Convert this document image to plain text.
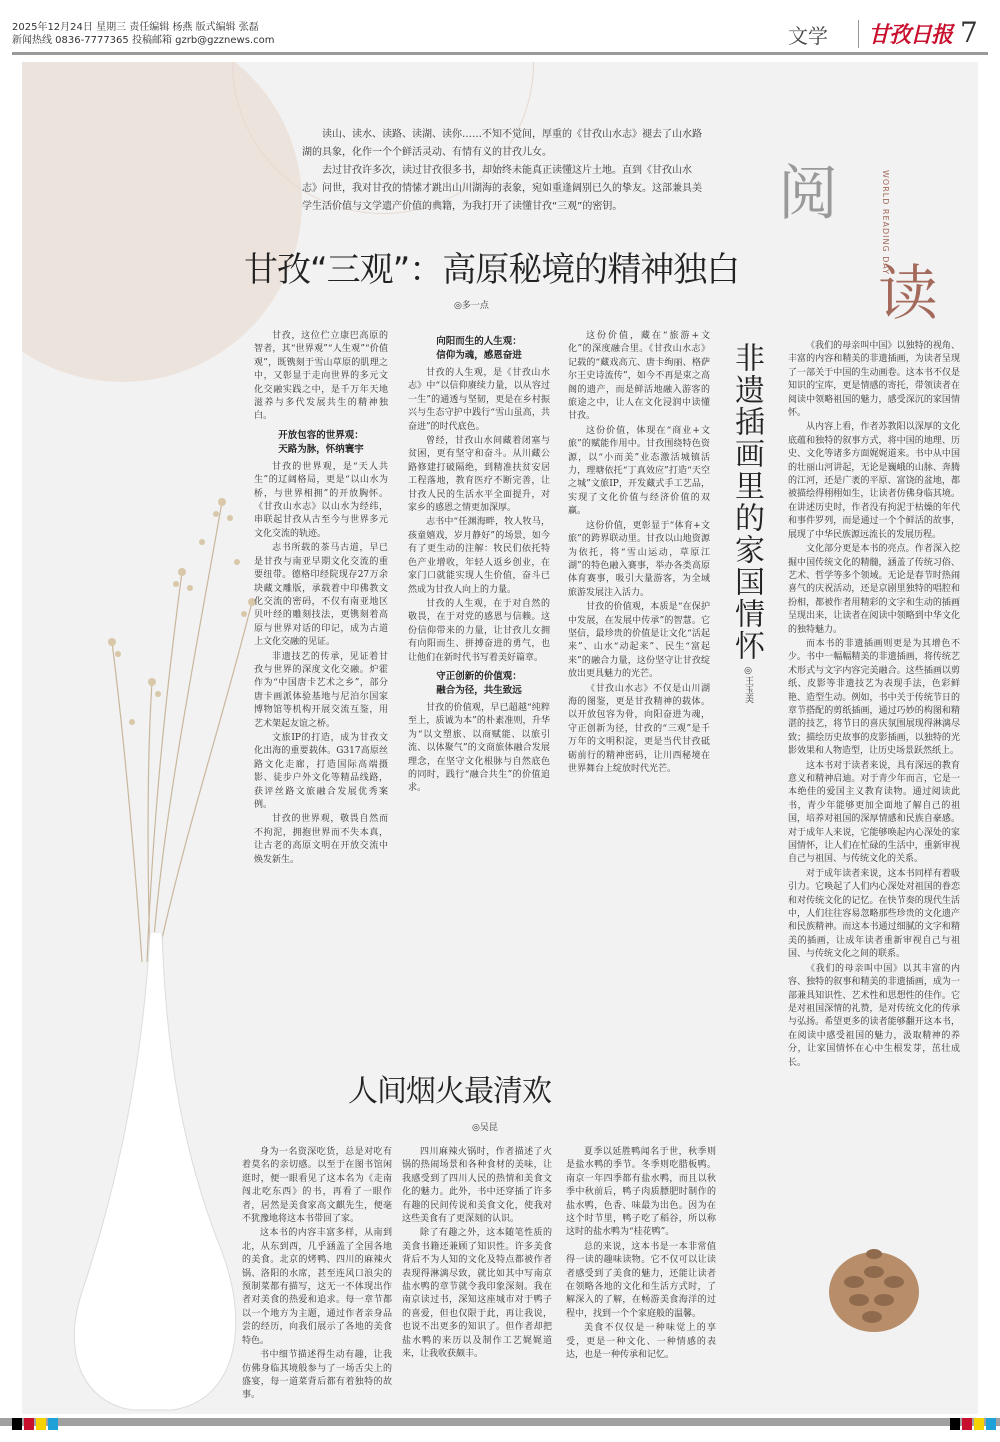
2025年12月24日 星期三 责任编辑 杨燕 版式编辑 张磊
新闻热线 0836-7777365 投稿邮箱 gzrb@gzznews.com	文学 甘孜日报 7

读山、读水、读路、读湖、读你……不知不觉间，厚重的《甘孜山水志》褪去了山水路湖的具象，化作一个个鲜活灵动、有情有义的甘孜儿女。

去过甘孜许多次，读过甘孜很多书，却始终未能真正读懂这片土地。直到《甘孜山水志》问世，我对甘孜的情愫才跳出山川湖海的表象，宛如重逢阔别已久的挚友。这部兼具美学生活价值与文学遗产价值的典籍，为我打开了读懂甘孜“三观”的密钥。	阅	WORLD READING DAY
读
甘孜“三观”：高原秘境的精神独白
◎多一点

甘孜，这位伫立康巴高原的智者，其“世界观”“人生观”“价值观”，既镌刻于雪山草原的肌理之中，又彰显于走向世界的多元文化交融实践之中，是千万年天地滋养与多代发展共生的精神独白。

开放包容的世界观：
天路为脉，怀纳寰宇

甘孜的世界观，是“天人共生”的辽阔格局，更是“以山水为桥，与世界相拥”的开放胸怀。《甘孜山水志》以山水为经纬，串联起甘孜从古至今与世界多元文化交流的轨迹。

志书所载的茶马古道，早已是甘孜与南亚早期文化交流的重要纽带。德格印经院现存27万余块藏文雕版，承载着中印佛教文化交流的密码，不仅有南亚地区贝叶经的雕刻技法，更镌刻着高原与世界对话的印记，成为古道上文化交融的见证。

非遗技艺的传承，见证着甘孜与世界的深度文化交融。炉霍作为“中国唐卡艺术之乡”，部分唐卡画派体验基地与尼泊尔国家博物馆等机构开展交流互鉴，用艺术架起友谊之桥。

文旅IP的打造，成为甘孜文化出海的重要载体。G317高原丝路文化走廊，打造国际高端摄影、徒步户外文化等精品线路，获评丝路文旅融合发展优秀案例。

甘孜的世界观，敬畏自然而不拘泥，拥抱世界而不失本真，让古老的高原文明在开放交流中焕发新生。

向阳而生的人生观：
信仰为魂，感恩奋进

甘孜的人生观，是《甘孜山水志》中“以信仰赓续力量，以从容过一生”的通透与坚韧，更是在乡村振兴与生态守护中践行“雪山虽高，共奋进”的时代底色。

曾经，甘孜山水间藏着闭塞与贫困，更有坚守和奋斗。从川藏公路修建打破隔绝，到精准扶贫安居工程落地，教育医疗不断完善，让甘孜人民的生活水平全面提升，对家乡的感恩之情更加深厚。

志书中“任渊海畔，牧人牧马，孩童嬉戏，岁月静好”的场景，如今有了更生动的注解：牧民们依托特色产业增收，年轻人返乡创业，在家门口就能实现人生价值，奋斗已然成为甘孜人向上的力量。

甘孜的人生观，在于对自然的敬畏，在于对党的感恩与信赖。这份信仰带来的力量，让甘孜儿女拥有向阳而生、拼搏奋进的勇气，也让他们在新时代书写着美好篇章。

守正创新的价值观：
融合为径，共生致远

甘孜的价值观，早已超越“纯粹至上，质诚为本”的朴素准则，升华为“以文塑旅、以商赋能、以旅引流、以体聚气”的文商旅体融合发展理念，在坚守文化根脉与自然底色的同时，践行“融合共生”的价值追求。

这份价值，藏在“旅游+文化”的深度融合里。《甘孜山水志》记载的“藏戏高亢、唐卡绚丽、格萨尔王史诗流传”，如今不再是束之高阁的遗产，而是鲜活地融入游客的旅途之中，让人在文化浸润中读懂甘孜。

这份价值，体现在“商业+文旅”的赋能作用中。甘孜围绕特色资源，以“小而美”业态激活城镇活力，理塘依托“丁真效应”打造“天空之城”文旅IP，开发藏式手工艺品，实现了文化价值与经济价值的双赢。

这份价值，更彰显于“体育+文旅”的跨界联动里。甘孜以山地资源为依托，将“雪山运动，草原江湖”的特色融入赛事，举办各类高原体育赛事，吸引大量游客，为全域旅游发展注入活力。

甘孜的价值观，本质是“在保护中发展，在发展中传承”的智慧。它坚信，最珍贵的价值是让文化“活起来”、山水“动起来”、民生“富起来”的融合力量，这份坚守让甘孜绽放出更具魅力的光芒。

《甘孜山水志》不仅是山川湖海的图鉴，更是甘孜精神的载体。以开放包容为骨，向阳奋进为魂，守正创新为径，甘孜的“三观”是千万年的文明积淀，更是当代甘孜砥砺前行的精神密码，让川西秘境在世界舞台上绽放时代光芒。

非遗插画里的家国情怀
◎王玉美

《我们的母亲叫中国》以独特的视角、丰富的内容和精美的非遗插画，为读者呈现了一部关于中国的生动画卷。这本书不仅是知识的宝库，更是情感的寄托，带领读者在阅读中领略祖国的魅力，感受深沉的家国情怀。

从内容上看，作者苏教阳以深厚的文化底蕴和独特的叙事方式，将中国的地理、历史、文化等诸多方面娓娓道来。书中从中国的壮丽山河讲起，无论是巍峨的山脉、奔腾的江河，还是广袤的平原、富饶的盆地，都被描绘得栩栩如生，让读者仿佛身临其境。在讲述历史时，作者没有拘泥于枯燥的年代和事件罗列，而是通过一个个鲜活的故事，展现了中华民族源远流长的发展历程。

文化部分更是本书的亮点。作者深入挖掘中国传统文化的精髓，涵盖了传统习俗、艺术、哲学等多个领域。无论是春节时热闹喜气的庆祝活动，还是京剧里独特的唱腔和扮相，都被作者用精彩的文字和生动的插画呈现出来，让读者在阅读中领略到中华文化的独特魅力。

而本书的非遗插画则更是为其增色不少。书中一幅幅精美的非遗插画，将传统艺术形式与文字内容完美融合。这些插画以剪纸、皮影等非遗技艺为表现手法，色彩鲜艳、造型生动。例如，书中关于传统节日的章节搭配的剪纸插画，通过巧妙的构图和精湛的技艺，将节日的喜庆氛围展现得淋漓尽致；描绘历史故事的皮影插画，以独特的光影效果和人物造型，让历史场景跃然纸上。

这本书对于读者来说，具有深远的教育意义和精神启迪。对于青少年而言，它是一本绝佳的爱国主义教育读物。通过阅读此书，青少年能够更加全面地了解自己的祖国，培养对祖国的深厚情感和民族自豪感。对于成年人来说，它能够唤起内心深处的家国情怀，让人们在忙碌的生活中，重新审视自己与祖国、与传统文化的关系。

对于成年读者来说，这本书同样有着吸引力。它唤起了人们内心深处对祖国的眷恋和对传统文化的记忆。在快节奏的现代生活中，人们往往容易忽略那些珍贵的文化遗产和民族精神。而这本书通过细腻的文字和精美的插画，让成年读者重新审视自己与祖国、与传统文化之间的联系。

《我们的母亲叫中国》以其丰富的内容、独特的叙事和精美的非遗插画，成为一部兼具知识性、艺术性和思想性的佳作。它是对祖国深情的礼赞，是对传统文化的传承与弘扬。希望更多的读者能够翻开这本书，在阅读中感受祖国的魅力，汲取精神的养分，让家国情怀在心中生根发芽，茁壮成长。

人间烟火最清欢
◎吴昆

身为一名资深吃货，总是对吃有着莫名的亲切感。以至于在图书馆闲逛时，便一眼看见了这本名为《走南闯北吃东西》的书，再看了一眼作者，居然是美食家高文麒先生，便毫不犹豫地将这本书带回了家。

这本书的内容丰富多样，从南到北，从东到西，几乎涵盖了全国各地的美食。北京的烤鸭、四川的麻辣火锅、洛阳的水席，甚至连风口浪尖的预制菜都有描写，这无一不体现出作者对美食的热爱和追求。每一章节都以一个地方为主题，通过作者亲身品尝的经历，向我们展示了各地的美食特色。

书中细节描述得生动有趣，让我仿佛身临其境般参与了一场舌尖上的盛宴，每一道菜背后都有着独特的故事。

四川麻辣火锅时，作者描述了火锅的热闹场景和各种食材的美味，让我感受到了四川人民的热情和美食文化的魅力。此外，书中还穿插了许多有趣的民间传说和美食文化，使我对这些美食有了更深刻的认识。

除了有趣之外，这本随笔性质的美食书籍还兼顾了知识性。许多美食背后不为人知的文化及特点都被作者表现得淋漓尽致，就比如其中写南京盐水鸭的章节就令我印象深刻。我在南京读过书，深知这座城市对于鸭子的喜爱，但也仅限于此，再让我说，也说不出更多的知识了。但作者却把盐水鸭的来历以及制作工艺娓娓道来，让我收获颇丰。

夏季以延胜鸭闻名于世，秋季则是盐水鸭的季节。冬季则吃腊板鸭。南京一年四季都有盐水鸭，而且以秋季中秋前后，鸭子肉质膘肥时制作的盐水鸭，色香、味最为出色。因为在这个时节里，鸭子吃了稻谷，所以称这时的盐水鸭为“桂花鸭”。

总的来说，这本书是一本非常值得一读的趣味读物。它不仅可以让读者感受到了美食的魅力，还能让读者在领略各地的文化和生活方式时，了解深入的了解，在畅游美食海洋的过程中，找到一个个家庭般的温馨。

美食不仅仅是一种味觉上的享受，更是一种文化、一种情感的表达，也是一种传承和记忆。
